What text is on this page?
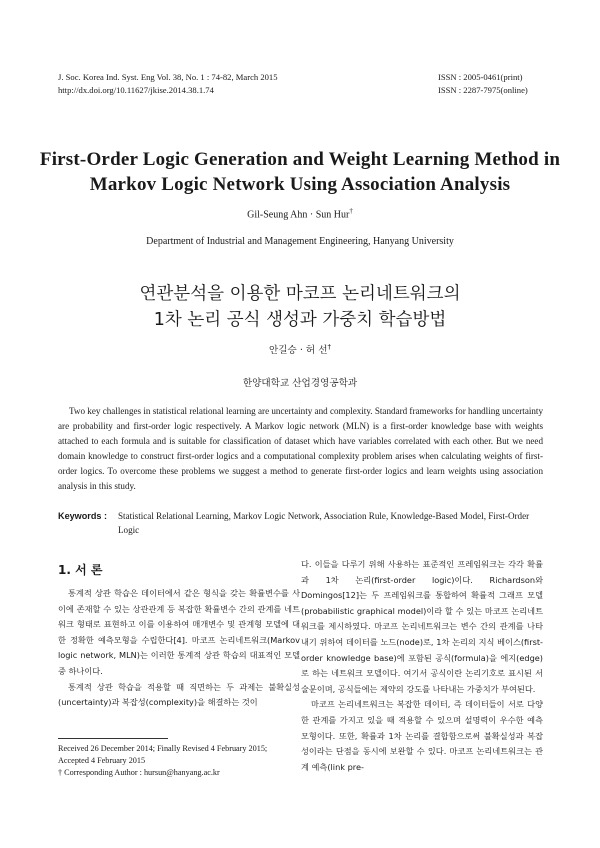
J. Soc. Korea Ind. Syst. Eng Vol. 38, No. 1 : 74-82, March 2015
http://dx.doi.org/10.11627/jkise.2014.38.1.74
ISSN : 2005-0461(print)
ISSN : 2287-7975(online)
First-Order Logic Generation and Weight Learning Method in
Markov Logic Network Using Association Analysis
Gil-Seung Ahn · Sun Hur†
Department of Industrial and Management Engineering, Hanyang University
연관분석을 이용한 마코프 논리네트워크의
1차 논리 공식 생성과 가중치 학습방법
안길승 · 허 선†
한양대학교 산업경영공학과

Two key challenges in statistical relational learning are uncertainty and complexity. Standard frameworks for handling uncertainty are probability and first-order logic respectively. A Markov logic network (MLN) is a first-order knowledge base with weights attached to each formula and is suitable for classification of dataset which have variables correlated with each other. But we need domain knowledge to construct first-order logics and a computational complexity problem arises when calculating weights of first-order logics. To overcome these problems we suggest a method to generate first-order logics and learn weights using association analysis in this study.

Keywords : Statistical Relational Learning, Markov Logic Network, Association Rule, Knowledge-Based Model, First-Order Logic
1. 서 론

통계적 상관 학습은 데이터에서 같은 형식을 갖는 확률변수를 사이에 존재할 수 있는 상관관계 등 복잡한 확률변수 간의 관계를 네트워크 형태로 표현하고 이를 이용하여 매개변수 및 관계형 모델에 대한 정확한 예측모형을 수립한다[4]. 마코프 논리네트워크(Markov logic network, MLN)는 이러한 통계적 상관 학습의 대표적인 모델 중 하나이다.

통계적 상관 학습을 적용할 때 직면하는 두 과제는 불확실성(uncertainty)과 복잡성(complexity)을 해결하는 것이

다. 이들을 다루기 위해 사용하는 표준적인 프레임워크는 각각 확률과 1차 논리(first-order logic)이다. Richardson와 Domingos[12]는 두 프레임워크를 통합하여 확률적 그래프 모델(probabilistic graphical model)이라 할 수 있는 마코프 논리네트워크를 제시하였다. 마코프 논리네트워크는 변수 간의 관계를 나타내기 위하여 데이터를 노드(node)로, 1차 논리의 지식 베이스(first-order knowledge base)에 포함된 공식(formula)을 에지(edge)로 하는 네트워크 모델이다. 여기서 공식이란 논리기호로 표시된 서술문이며, 공식들에는 제약의 강도를 나타내는 가중치가 부여된다.

마코프 논리네트워크는 복잡한 데이터, 즉 데이터들이 서로 다양한 관계를 가지고 있을 때 적용할 수 있으며 설명력이 우수한 예측 모형이다. 또한, 확률과 1차 논리를 결합함으로써 불확실성과 복잡성이라는 단점을 동시에 보완할 수 있다. 마코프 논리네트워크는 관계 예측(link pre-

Received 26 December 2014; Finally Revised 4 February 2015;
Accepted 4 February 2015
† Corresponding Author : hursun@hanyang.ac.kr
